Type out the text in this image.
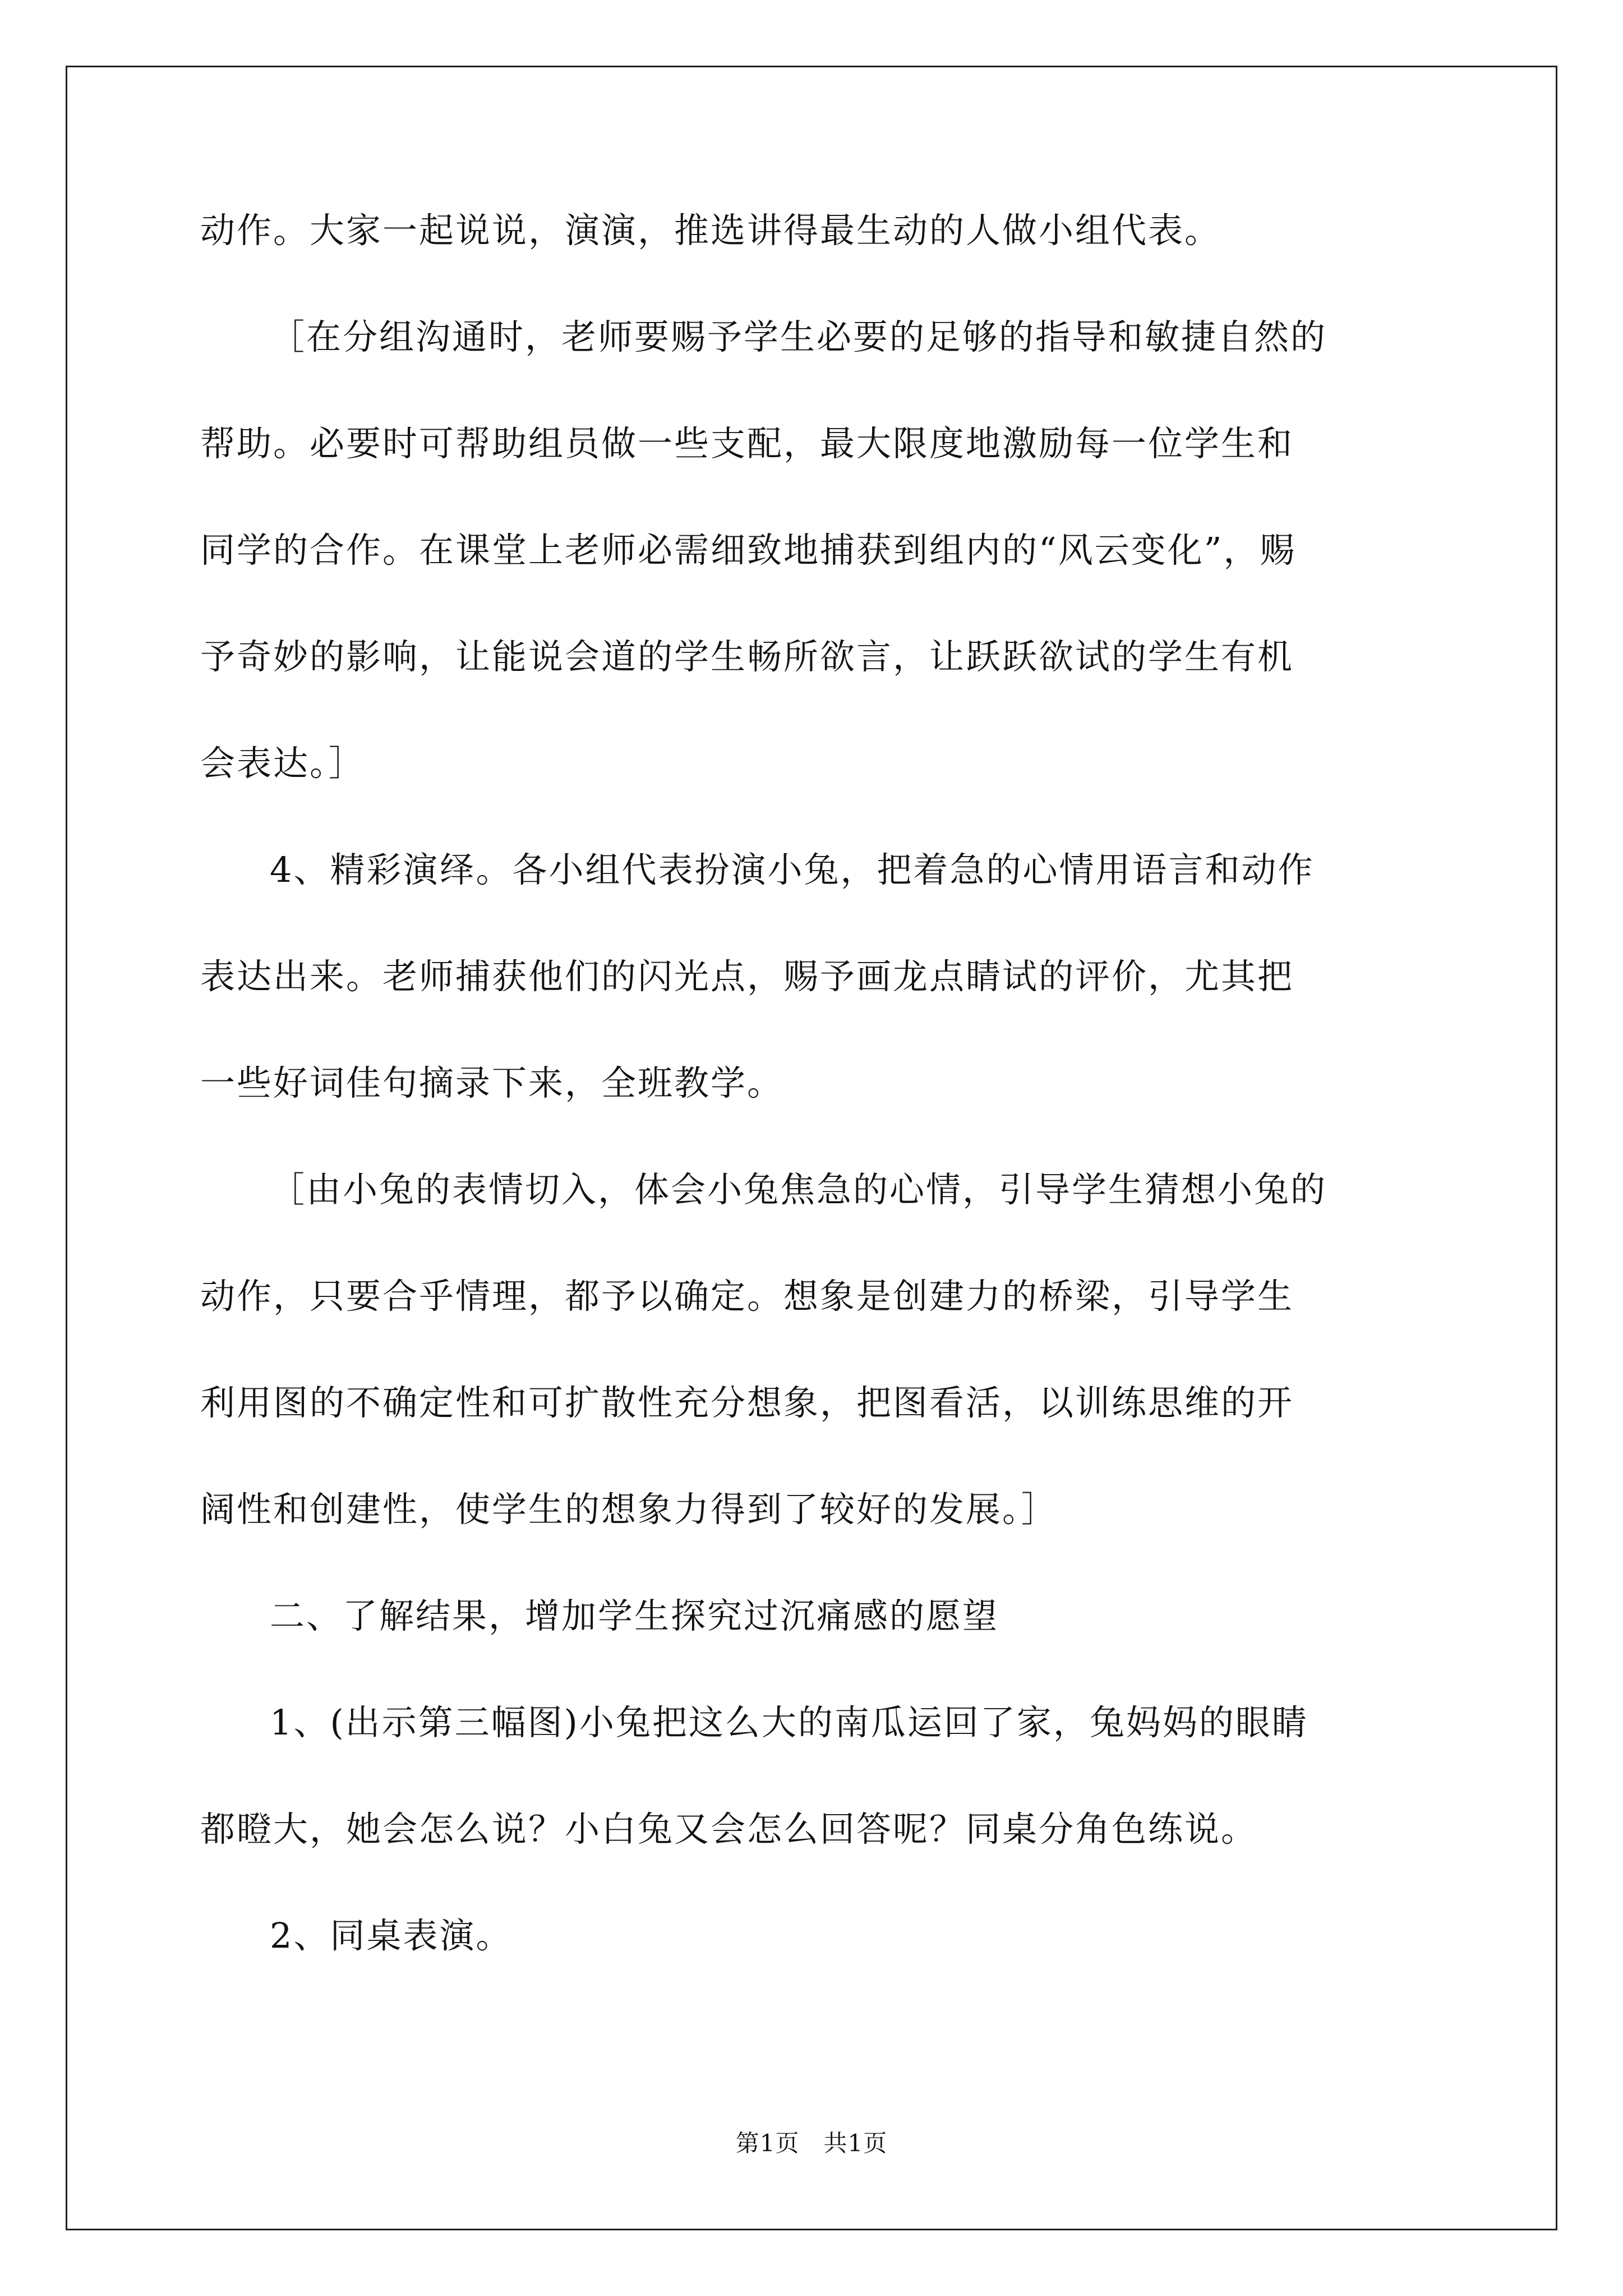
动作。大家一起说说，演演，推选讲得最生动的人做小组代表。
［在分组沟通时，老师要赐予学生必要的足够的指导和敏捷自然的
帮助。必要时可帮助组员做一些支配，最大限度地激励每一位学生和
同学的合作。在课堂上老师必需细致地捕获到组内的“风云变化”，赐
予奇妙的影响，让能说会道的学生畅所欲言，让跃跃欲试的学生有机
会表达。］
4、精彩演绎。各小组代表扮演小兔，把着急的心情用语言和动作
表达出来。老师捕获他们的闪光点，赐予画龙点睛试的评价，尤其把
一些好词佳句摘录下来，全班教学。
［由小兔的表情切入，体会小兔焦急的心情，引导学生猜想小兔的
动作，只要合乎情理，都予以确定。想象是创建力的桥梁，引导学生
利用图的不确定性和可扩散性充分想象，把图看活，以训练思维的开
阔性和创建性，使学生的想象力得到了较好的发展。］
二、了解结果，增加学生探究过沉痛感的愿望
1、(出示第三幅图)小兔把这么大的南瓜运回了家，兔妈妈的眼睛
都瞪大，她会怎么说？小白兔又会怎么回答呢？同桌分角色练说。
2、同桌表演。
第1页　共1页
